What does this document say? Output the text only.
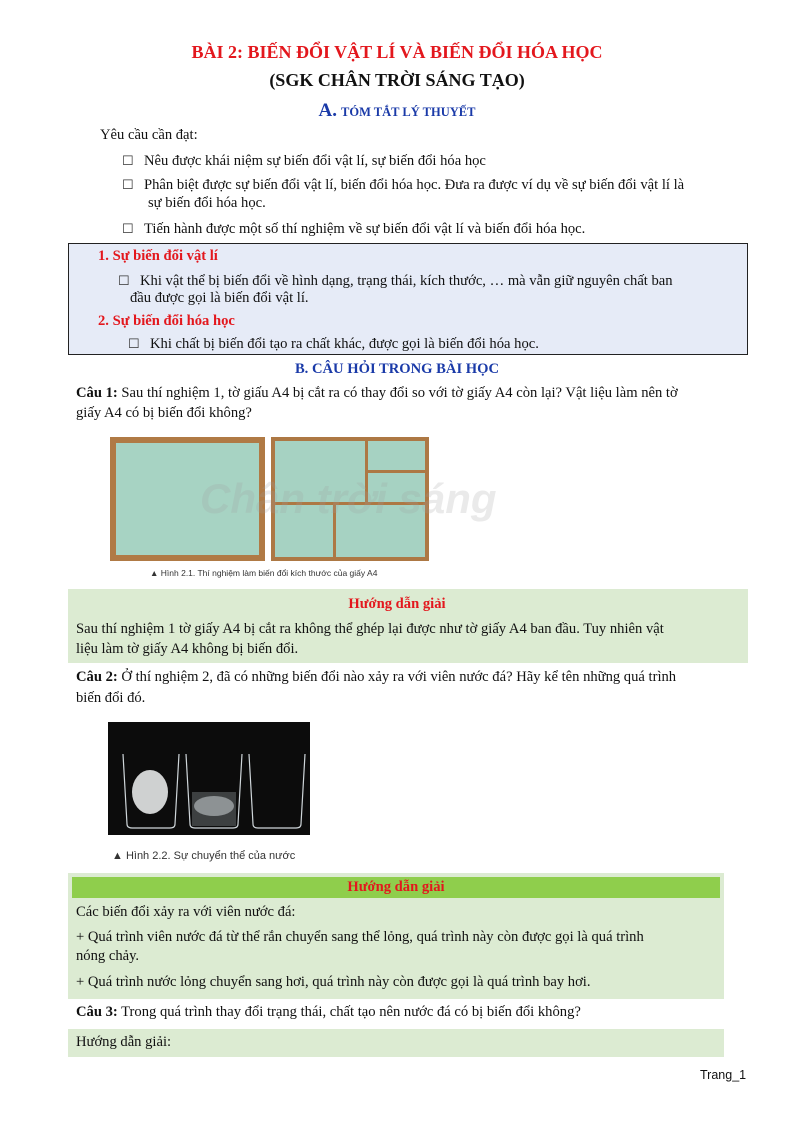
BÀI 2: BIẾN ĐỔI VẬT LÍ VÀ BIẾN ĐỔI HÓA HỌC
(SGK CHÂN TRỜI SÁNG TẠO)
A. TÓM TẮT LÝ THUYẾT
Yêu cầu cần đạt:
☐ Nêu được khái niệm sự biến đổi vật lí, sự biến đổi hóa học
☐ Phân biệt được sự biến đổi vật lí, biến đổi hóa học. Đưa ra được ví dụ về sự biến đổi vật lí là
sự biến đổi hóa học.
☐ Tiến hành được một số thí nghiệm về sự biến đổi vật lí và biến đổi hóa học.
1. Sự biến đổi vật lí
☐ Khi vật thể bị biến đổi về hình dạng, trạng thái, kích thước, … mà vẫn giữ nguyên chất ban
đầu được gọi là biến đổi vật lí.
2. Sự biến đổi hóa học
☐ Khi chất bị biến đổi tạo ra chất khác, được gọi là biến đổi hóa học.
B. CÂU HỎI TRONG BÀI HỌC
Câu 1: Sau thí nghiệm 1, tờ giấu A4 bị cắt ra có thay đổi so với tờ giấy A4 còn lại? Vật liệu làm nên tờ
giấy A4 có bị biến đổi không?
▲ Hình 2.1. Thí nghiệm làm biến đổi kích thước của giấy A4
Chân trời sáng
Hướng dẫn giải
Sau thí nghiệm 1 tờ giấy A4 bị cắt ra không thể ghép lại được như tờ giấy A4 ban đầu. Tuy nhiên vật
liệu làm tờ giấy A4 không bị biến đổi.
Câu 2: Ở thí nghiệm 2, đã có những biến đổi nào xảy ra với viên nước đá? Hãy kể tên những quá trình
biến đổi đó.
▲ Hình 2.2. Sự chuyển thể của nước
Hướng dẫn giải
Các biến đổi xảy ra với viên nước đá:
+ Quá trình viên nước đá từ thể rắn chuyển sang thể lỏng, quá trình này còn được gọi là quá trình
nóng chảy.
+ Quá trình nước lỏng chuyển sang hơi, quá trình này còn được gọi là quá trình bay hơi.
Câu 3: Trong quá trình thay đổi trạng thái, chất tạo nên nước đá có bị biến đổi không?
Hướng dẫn giải:
Trang_1
